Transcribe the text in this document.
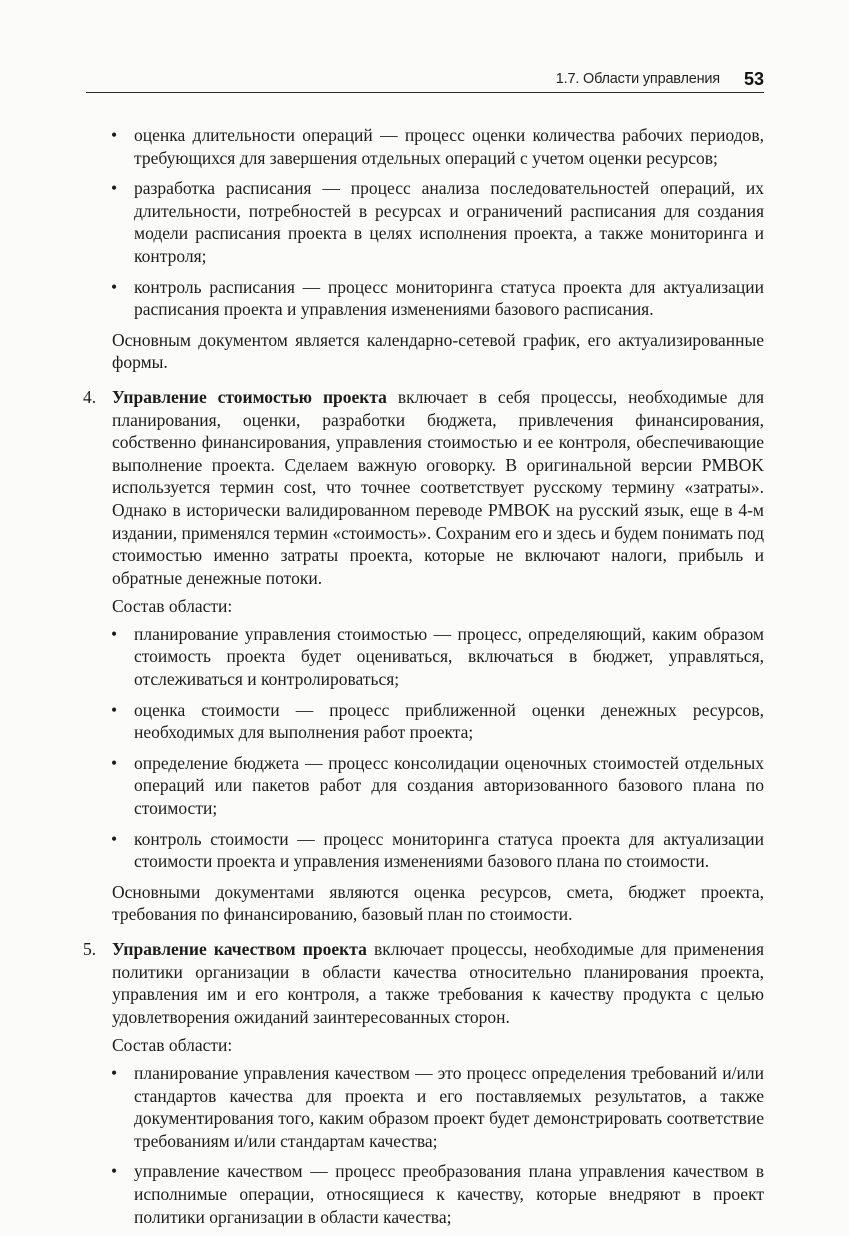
1.7. Области управления 53
• оценка длительности операций — процесс оценки количества рабочих периодов, требующихся для завершения отдельных операций с учетом оценки ресурсов;
• разработка расписания — процесс анализа последовательностей операций, их длительности, потребностей в ресурсах и ограничений расписания для создания модели расписания проекта в целях исполнения проекта, а также мониторинга и контроля;
• контроль расписания — процесс мониторинга статуса проекта для актуализации расписания проекта и управления изменениями базового расписания.

Основным документом является календарно-сетевой график, его актуализированные формы.

4. Управление стоимостью проекта включает в себя процессы, необходимые для планирования, оценки, разработки бюджета, привлечения финансирования, собственно финансирования, управления стоимостью и ее контроля, обеспечивающие выполнение проекта. Сделаем важную оговорку. В оригинальной версии PMBOK используется термин cost, что точнее соответствует русскому термину «затраты». Однако в исторически валидированном переводе PMBOK на русский язык, еще в 4-м издании, применялся термин «стоимость». Сохраним его и здесь и будем понимать под стоимостью именно затраты проекта, которые не включают налоги, прибыль и обратные денежные потоки.

Состав области:

• планирование управления стоимостью — процесс, определяющий, каким образом стоимость проекта будет оцениваться, включаться в бюджет, управляться, отслеживаться и контролироваться;
• оценка стоимости — процесс приближенной оценки денежных ресурсов, необходимых для выполнения работ проекта;
• определение бюджета — процесс консолидации оценочных стоимостей отдельных операций или пакетов работ для создания авторизованного базового плана по стоимости;
• контроль стоимости — процесс мониторинга статуса проекта для актуализации стоимости проекта и управления изменениями базового плана по стоимости.

Основными документами являются оценка ресурсов, смета, бюджет проекта, требования по финансированию, базовый план по стоимости.

5. Управление качеством проекта включает процессы, необходимые для применения политики организации в области качества относительно планирования проекта, управления им и его контроля, а также требования к качеству продукта с целью удовлетворения ожиданий заинтересованных сторон.

Состав области:

• планирование управления качеством — это процесс определения требований и/или стандартов качества для проекта и его поставляемых результатов, а также документирования того, каким образом проект будет демонстрировать соответствие требованиям и/или стандартам качества;
• управление качеством — процесс преобразования плана управления качеством в исполнимые операции, относящиеся к качеству, которые внедряют в проект политики организации в области качества;
